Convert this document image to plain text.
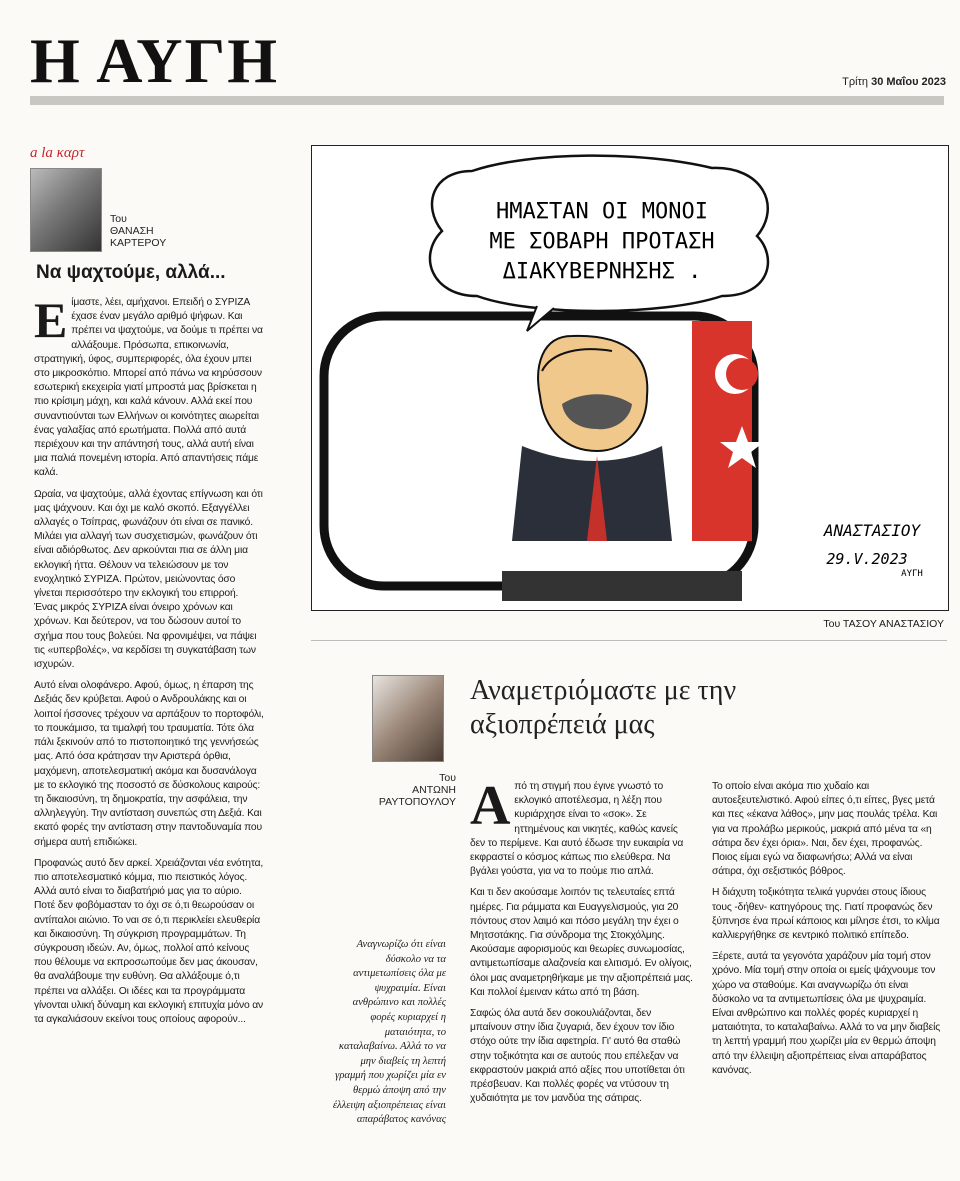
Η ΑΥΓΗ	Τρίτη 30 Μαΐου 2023
a la καρτ
Του
ΘΑΝΑΣΗ
ΚΑΡΤΕΡΟΥ
Να ψαχτούμε, αλλά...

Είμαστε, λέει, αμήχανοι. Επειδή ο ΣΥΡΙΖΑ έχασε έναν μεγάλο αριθμό ψήφων. Και πρέπει να ψαχτούμε, να δούμε τι πρέπει να αλλάξουμε. Πρόσωπα, επικοινωνία, στρατηγική, ύφος, συμπεριφορές, όλα έχουν μπει στο μικροσκόπιο. Μπορεί από πάνω να κηρύσσουν εσωτερική εκεχειρία γιατί μπροστά μας βρίσκεται η πιο κρίσιμη μάχη, και καλά κάνουν. Αλλά εκεί που συναντιούνται των Ελλήνων οι κοινότητες αιωρείται ένας γαλαξίας από ερωτήματα. Πολλά από αυτά περιέχουν και την απάντησή τους, αλλά αυτή είναι μια παλιά πονεμένη ιστορία. Από απαντήσεις πάμε καλά.

Ωραία, να ψαχτούμε, αλλά έχοντας επίγνωση και ότι μας ψάχνουν. Και όχι με καλό σκοπό. Εξαγγέλλει αλλαγές ο Τσίπρας, φωνάζουν ότι είναι σε πανικό. Μιλάει για αλλαγή των συσχετισμών, φωνάζουν ότι είναι αδιόρθωτος. Δεν αρκούνται πια σε άλλη μια εκλογική ήττα. Θέλουν να τελειώσουν με τον ενοχλητικό ΣΥΡΙΖΑ. Πρώτον, μειώνοντας όσο γίνεται περισσότερο την εκλογική του επιρροή. Ένας μικρός ΣΥΡΙΖΑ είναι όνειρο χρόνων και χρόνων. Και δεύτερον, να του δώσουν αυτοί το σχήμα που τους βολεύει. Να φρονιμέψει, να πάψει τις «υπερβολές», να κερδίσει τη συγκατάβαση των ισχυρών.

Αυτό είναι ολοφάνερο. Αφού, όμως, η έπαρση της Δεξιάς δεν κρύβεται. Αφού ο Ανδρουλάκης και οι λοιποί ήσσονες τρέχουν να αρπάξουν το πορτοφόλι, το πουκάμισο, τα τιμαλφή του τραυματία. Τότε όλα πάλι ξεκινούν από το πιστοποιητικό της γεννήσεώς μας. Από όσα κράτησαν την Αριστερά όρθια, μαχόμενη, αποτελεσματική ακόμα και δυσανάλογα με το εκλογικό της ποσοστό σε δύσκολους καιρούς: τη δικαιοσύνη, τη δημοκρατία, την ασφάλεια, την αλληλεγγύη. Την αντίσταση συνεπώς στη Δεξιά. Και εκατό φορές την αντίσταση στην παντοδυναμία που σήμερα αυτή επιδιώκει.

Προφανώς αυτό δεν αρκεί. Χρειάζονται νέα ενότητα, πιο αποτελεσματικό κόμμα, πιο πειστικός λόγος. Αλλά αυτό είναι το διαβατήριό μας για το αύριο. Ποτέ δεν φοβόμασταν το όχι σε ό,τι θεωρούσαν οι αντίπαλοι αιώνιο. Το ναι σε ό,τι περικλείει ελευθερία και δικαιοσύνη. Τη σύγκριση προγραμμάτων. Τη σύγκρουση ιδεών. Αν, όμως, πολλοί από κείνους που θέλουμε να εκπροσωπούμε δεν μας άκουσαν, θα αναλάβουμε την ευθύνη. Θα αλλάξουμε ό,τι πρέπει να αλλάξει. Οι ιδέες και τα προγράμματα γίνονται υλική δύναμη και εκλογική επιτυχία μόνο αν τα αγκαλιάσουν εκείνοι τους οποίους αφορούν...

ΗΜΑΣΤΑΝ ΟΙ ΜΟΝΟΙ
ΜΕ ΣΟΒΑΡΗ ΠΡΟΤΑΣΗ
ΔΙΑΚΥΒΕΡΝΗΣΗΣ .
ΑΝΑΣΤΑΣΙΟΥ
29.V.2023
ΑΥΓΗ
Του ΤΑΣΟΥ ΑΝΑΣΤΑΣΙΟΥ
Του
ΑΝΤΩΝΗ
ΡΑΥΤΟΠΟΥΛΟΥ
Αναμετριόμαστε με την
αξιοπρέπειά μας
Αναγνωρίζω ότι είναι δύσκολο να τα αντιμετωπίσεις όλα με ψυχραιμία. Είναι ανθρώπινο και πολλές φορές κυριαρχεί η ματαιότητα, το καταλαβαίνω. Αλλά το να μην διαβείς τη λεπτή γραμμή που χωρίζει μία εν θερμώ άποψη από την έλλειψη αξιοπρέπειας είναι απαράβατος κανόνας

Από τη στιγμή που έγινε γνωστό το εκλογικό αποτέλεσμα, η λέξη που κυριάρχησε είναι το «σοκ». Σε ηττημένους και νικητές, καθώς κανείς δεν το περίμενε. Και αυτό έδωσε την ευκαιρία να εκφραστεί ο κόσμος κάπως πιο ελεύθερα. Να βγάλει γούστα, για να το πούμε πιο απλά.

Και τι δεν ακούσαμε λοιπόν τις τελευταίες επτά ημέρες. Για ράμματα και Ευαγγελισμούς, για 20 πόντους στον λαιμό και πόσο μεγάλη την έχει ο Μητσοτάκης. Για σύνδρομα της Στοκχόλμης. Ακούσαμε αφορισμούς και θεωρίες συνωμοσίας, αντιμετωπίσαμε αλαζονεία και ελιτισμό. Εν ολίγοις, όλοι μας αναμετρηθήκαμε με την αξιοπρέπειά μας. Και πολλοί έμειναν κάτω από τη βάση.

Σαφώς όλα αυτά δεν σοκουλιάζονται, δεν μπαίνουν στην ίδια ζυγαριά, δεν έχουν τον ίδιο στόχο ούτε την ίδια αφετηρία. Γι' αυτό θα σταθώ στην τοξικότητα και σε αυτούς που επέλεξαν να εκφραστούν μακριά από αξίες που υποτίθεται ότι πρέσβευαν. Και πολλές φορές να ντύσουν τη χυδαιότητα με τον μανδύα της σάτιρας.

Το οποίο είναι ακόμα πιο χυδαίο και αυτοεξευτελιστικό. Αφού είπες ό,τι είπες, βγες μετά και πες «έκανα λάθος», μην μας πουλάς τρέλα. Και για να προλάβω μερικούς, μακριά από μένα τα «η σάτιρα δεν έχει όρια». Ναι, δεν έχει, προφανώς. Ποιος είμαι εγώ να διαφωνήσω; Αλλά να είναι σάτιρα, όχι σεξιστικός βόθρος.

Η διάχυτη τοξικότητα τελικά γυρνάει στους ίδιους τους -δήθεν- κατηγόρους της. Γιατί προφανώς δεν ξύπνησε ένα πρωί κάποιος και μίλησε έτσι, το κλίμα καλλιεργήθηκε σε κεντρικό πολιτικό επίπεδο.

Ξέρετε, αυτά τα γεγονότα χαράζουν μία τομή στον χρόνο. Μία τομή στην οποία οι εμείς ψάχνουμε τον χώρο να σταθούμε. Και αναγνωρίζω ότι είναι δύσκολο να τα αντιμετωπίσεις όλα με ψυχραιμία. Είναι ανθρώπινο και πολλές φορές κυριαρχεί η ματαιότητα, το καταλαβαίνω. Αλλά το να μην διαβείς τη λεπτή γραμμή που χωρίζει μία εν θερμώ άποψη από την έλλειψη αξιοπρέπειας είναι απαράβατος κανόνας.
